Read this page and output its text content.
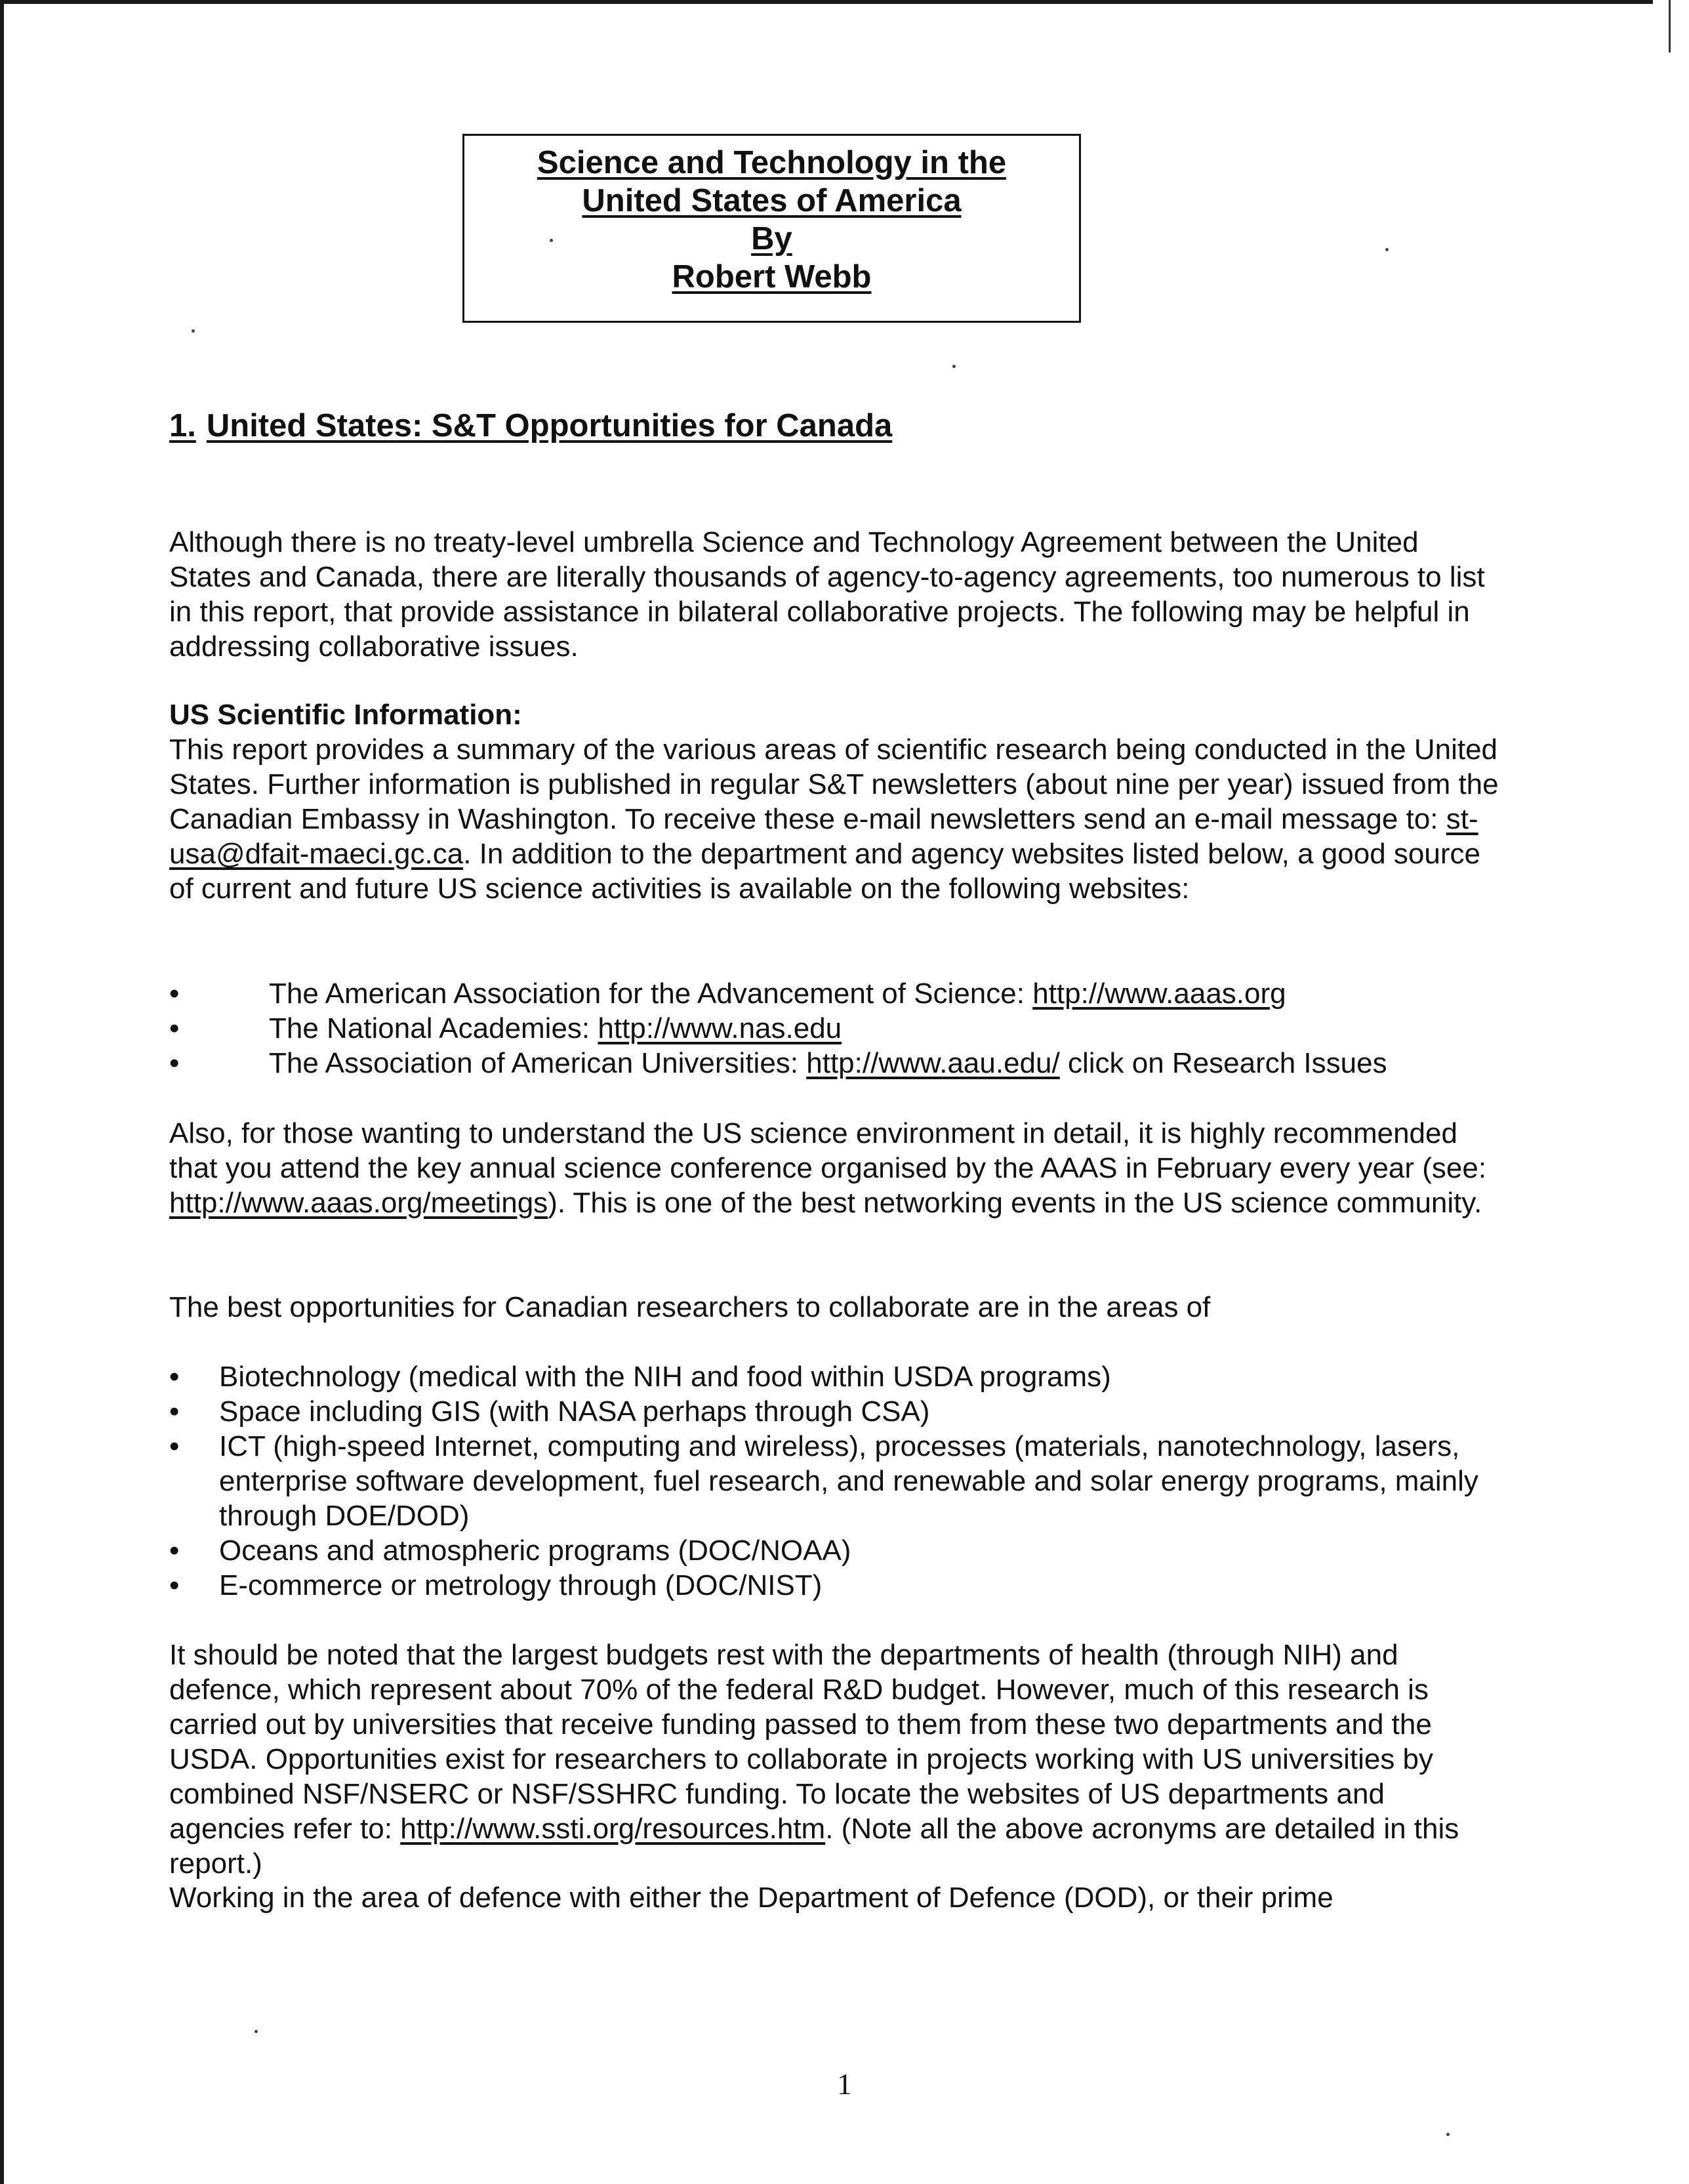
Science and Technology in the
United States of America
By
Robert Webb
1. United States: S&T Opportunities for Canada

Although there is no treaty-level umbrella Science and Technology Agreement between the United States and Canada, there are literally thousands of agency-to-agency agreements, too numerous to list in this report, that provide assistance in bilateral collaborative projects. The following may be helpful in addressing collaborative issues.

US Scientific Information:
This report provides a summary of the various areas of scientific research being conducted in the United States. Further information is published in regular S&T newsletters (about nine per year) issued from the Canadian Embassy in Washington. To receive these e-mail newsletters send an e-mail message to: st-usa@dfait-maeci.gc.ca. In addition to the department and agency websites listed below, a good source of current and future US science activities is available on the following websites:

•	The American Association for the Advancement of Science: http://www.aaas.org
•	The National Academies: http://www.nas.edu
•	The Association of American Universities: http://www.aau.edu/ click on Research Issues

Also, for those wanting to understand the US science environment in detail, it is highly recommended that you attend the key annual science conference organised by the AAAS in February every year (see: http://www.aaas.org/meetings). This is one of the best networking events in the US science community.

The best opportunities for Canadian researchers to collaborate are in the areas of

• Biotechnology (medical with the NIH and food within USDA programs)
• Space including GIS (with NASA perhaps through CSA)
• ICT (high-speed Internet, computing and wireless), processes (materials, nanotechnology, lasers, enterprise software development, fuel research, and renewable and solar energy programs, mainly through DOE/DOD)
• Oceans and atmospheric programs (DOC/NOAA)
• E-commerce or metrology through (DOC/NIST)

It should be noted that the largest budgets rest with the departments of health (through NIH) and defence, which represent about 70% of the federal R&D budget. However, much of this research is carried out by universities that receive funding passed to them from these two departments and the USDA. Opportunities exist for researchers to collaborate in projects working with US universities by combined NSF/NSERC or NSF/SSHRC funding. To locate the websites of US departments and agencies refer to: http://www.ssti.org/resources.htm. (Note all the above acronyms are detailed in this report.)

Working in the area of defence with either the Department of Defence (DOD), or their prime

1
